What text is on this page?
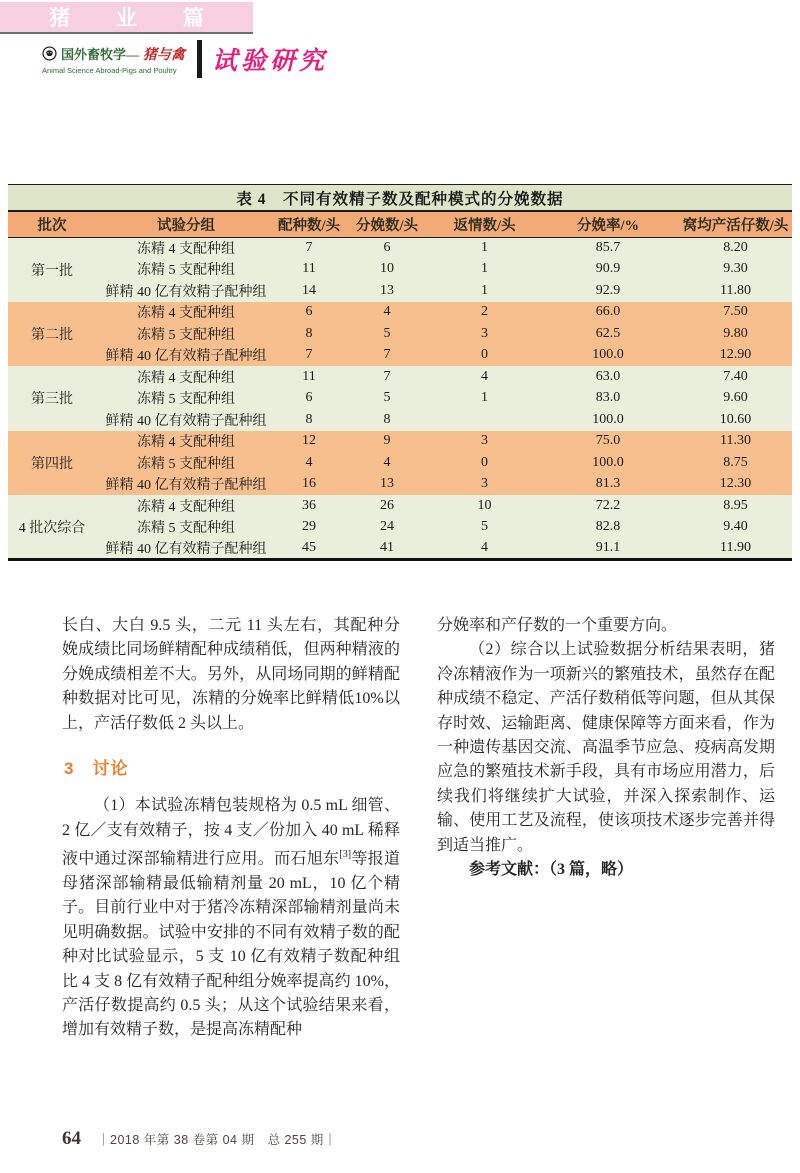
猪 业 篇
国外畜牧学— 猪与禽
Animal Science Abroad-Pigs and Poultry	试验研究
表 4　不同有效精子数及配种模式的分娩数据
批次	试验分组	配种数/头	分娩数/头	返情数/头	分娩率/%	窝均产活仔数/头
第一批	冻精 4 支配种组	7	6	1	85.7	8.20
	冻精 5 支配种组	11	10	1	90.9	9.30
	鲜精 40 亿有效精子配种组	14	13	1	92.9	11.80
第二批	冻精 4 支配种组	6	4	2	66.0	7.50
	冻精 5 支配种组	8	5	3	62.5	9.80
	鲜精 40 亿有效精子配种组	7	7	0	100.0	12.90
第三批	冻精 4 支配种组	11	7	4	63.0	7.40
	冻精 5 支配种组	6	5	1	83.0	9.60
	鲜精 40 亿有效精子配种组	8	8		100.0	10.60
第四批	冻精 4 支配种组	12	9	3	75.0	11.30
	冻精 5 支配种组	4	4	0	100.0	8.75
	鲜精 40 亿有效精子配种组	16	13	3	81.3	12.30
4 批次综合	冻精 4 支配种组	36	26	10	72.2	8.95
	冻精 5 支配种组	29	24	5	82.8	9.40
	鲜精 40 亿有效精子配种组	45	41	4	91.1	11.90

长白、大白 9.5 头，二元 11 头左右，其配种分娩成绩比同场鲜精配种成绩稍低，但两种精液的分娩成绩相差不大。另外，从同场同期的鲜精配种数据对比可见，冻精的分娩率比鲜精低10%以上，产活仔数低 2 头以上。

3　讨论

（1）本试验冻精包装规格为 0.5 mL 细管、2 亿／支有效精子，按 4 支／份加入 40 mL 稀释液中通过深部输精进行应用。而石旭东[3]等报道母猪深部输精最低输精剂量 20 mL，10 亿个精子。目前行业中对于猪冷冻精深部输精剂量尚未见明确数据。试验中安排的不同有效精子数的配种对比试验显示，5 支 10 亿有效精子数配种组比 4 支 8 亿有效精子配种组分娩率提高约 10%，产活仔数提高约 0.5 头；从这个试验结果来看，增加有效精子数，是提高冻精配种

分娩率和产仔数的一个重要方向。

（2）综合以上试验数据分析结果表明，猪冷冻精液作为一项新兴的繁殖技术，虽然存在配种成绩不稳定、产活仔数稍低等问题，但从其保存时效、运输距离、健康保障等方面来看，作为一种遗传基因交流、高温季节应急、疫病高发期应急的繁殖技术新手段，具有市场应用潜力，后续我们将继续扩大试验，并深入探索制作、运输、使用工艺及流程，使该项技术逐步完善并得到适当推广。

参考文献：（3 篇，略）

64 ｜2018 年第 38 卷第 04 期　总 255 期｜
